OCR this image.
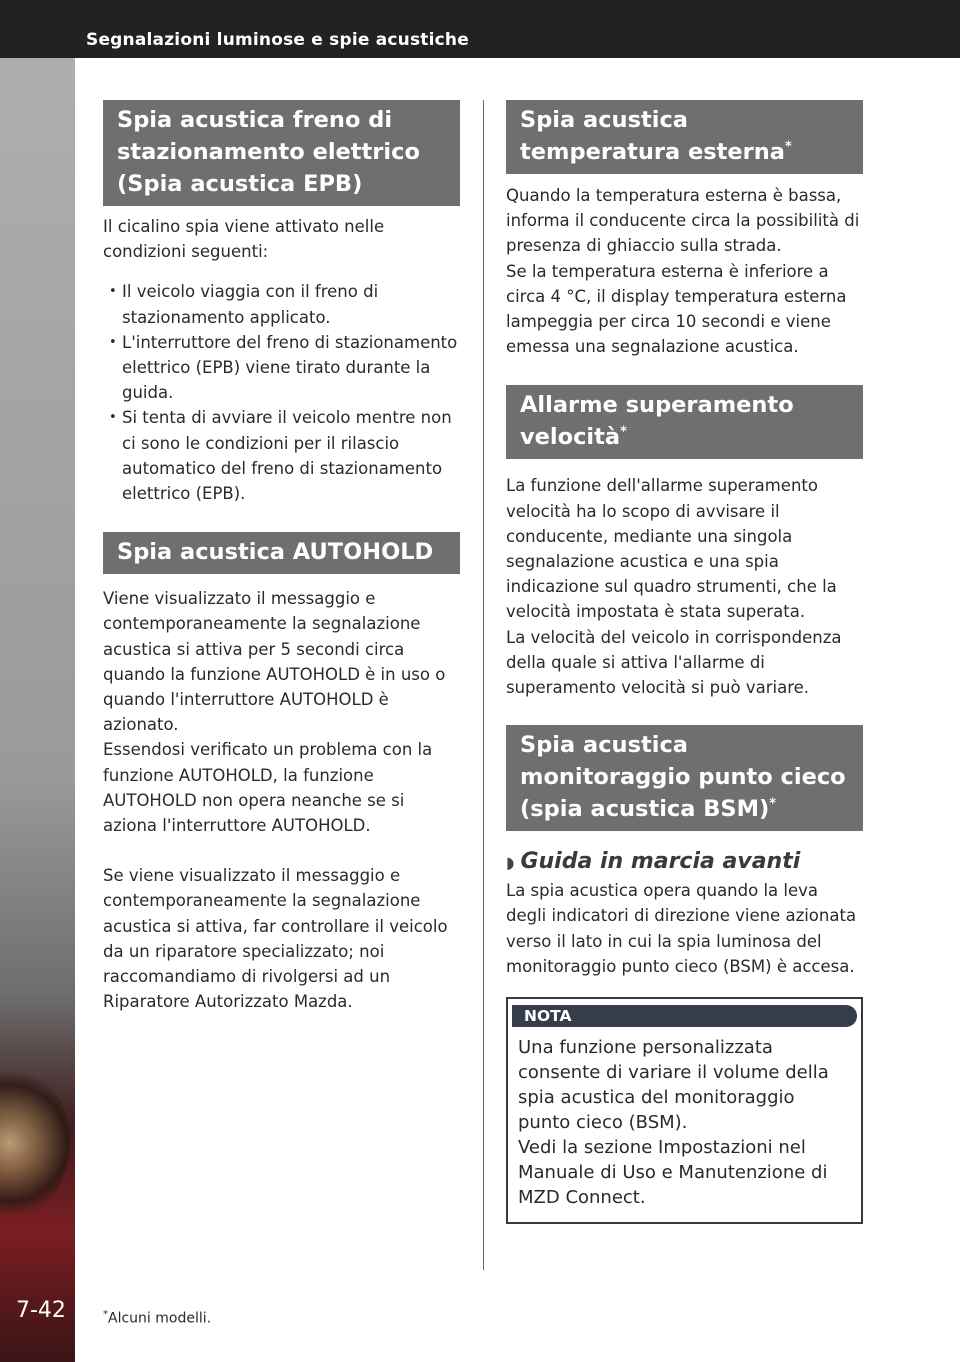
Segnalazioni luminose e spie acustiche
7-42
Spia acustica freno di stazionamento elettrico (Spia acustica EPB)

Il cicalino spia viene attivato nelle condizioni seguenti:

• Il veicolo viaggia con il freno di stazionamento applicato.
• L'interruttore del freno di stazionamento elettrico (EPB) viene tirato durante la guida.
• Si tenta di avviare il veicolo mentre non ci sono le condizioni per il rilascio automatico del freno di stazionamento elettrico (EPB).
Spia acustica AUTOHOLD

Viene visualizzato il messaggio e contemporaneamente la segnalazione acustica si attiva per 5 secondi circa quando la funzione AUTOHOLD è in uso o quando l'interruttore AUTOHOLD è azionato.

Essendosi verificato un problema con la funzione AUTOHOLD, la funzione AUTOHOLD non opera neanche se si aziona l'interruttore AUTOHOLD.

Se viene visualizzato il messaggio e contemporaneamente la segnalazione acustica si attiva, far controllare il veicolo da un riparatore specializzato; noi raccomandiamo di rivolgersi ad un Riparatore Autorizzato Mazda.

Spia acustica temperatura esterna*

Quando la temperatura esterna è bassa, informa il conducente circa la possibilità di presenza di ghiaccio sulla strada.

Se la temperatura esterna è inferiore a circa 4 °C, il display temperatura esterna lampeggia per circa 10 secondi e viene emessa una segnalazione acustica.

Allarme superamento velocità*

La funzione dell'allarme superamento velocità ha lo scopo di avvisare il conducente, mediante una singola segnalazione acustica e una spia indicazione sul quadro strumenti, che la velocità impostata è stata superata.

La velocità del veicolo in corrispondenza della quale si attiva l'allarme di superamento velocità si può variare.

Spia acustica monitoraggio punto cieco (spia acustica BSM)*
◗ Guida in marcia avanti

La spia acustica opera quando la leva degli indicatori di direzione viene azionata verso il lato in cui la spia luminosa del monitoraggio punto cieco (BSM) è accesa.

NOTA
Una funzione personalizzata consente di variare il volume della spia acustica del monitoraggio punto cieco (BSM).
Vedi la sezione Impostazioni nel Manuale di Uso e Manutenzione di MZD Connect.
*Alcuni modelli.
